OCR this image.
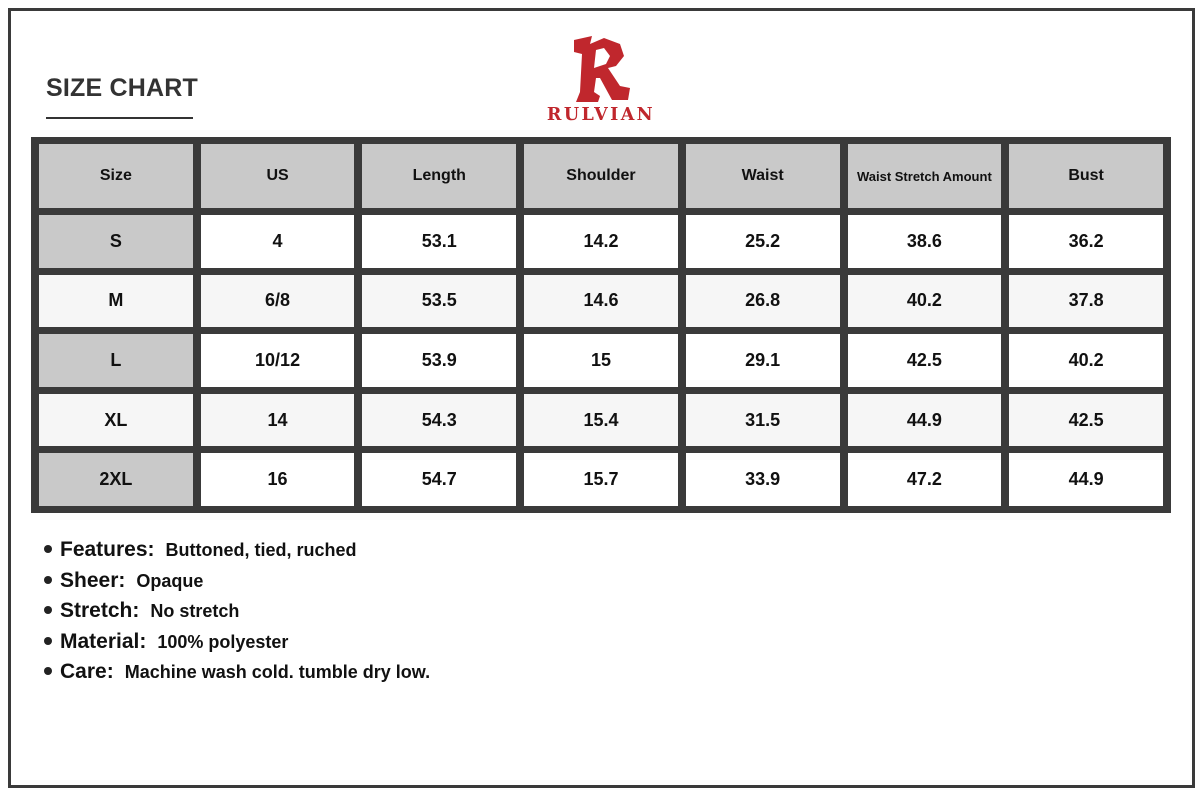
SIZE CHART
RULVIAN
Size	US	Length	Shoulder	Waist	Waist Stretch Amount	Bust
S	4	53.1	14.2	25.2	38.6	36.2
M	6/8	53.5	14.6	26.8	40.2	37.8
L	10/12	53.9	15	29.1	42.5	40.2
XL	14	54.3	15.4	31.5	44.9	42.5
2XL	16	54.7	15.7	33.9	47.2	44.9
Features: Buttoned, tied, ruched
Sheer: Opaque
Stretch: No stretch
Material: 100% polyester
Care: Machine wash cold. tumble dry low.
